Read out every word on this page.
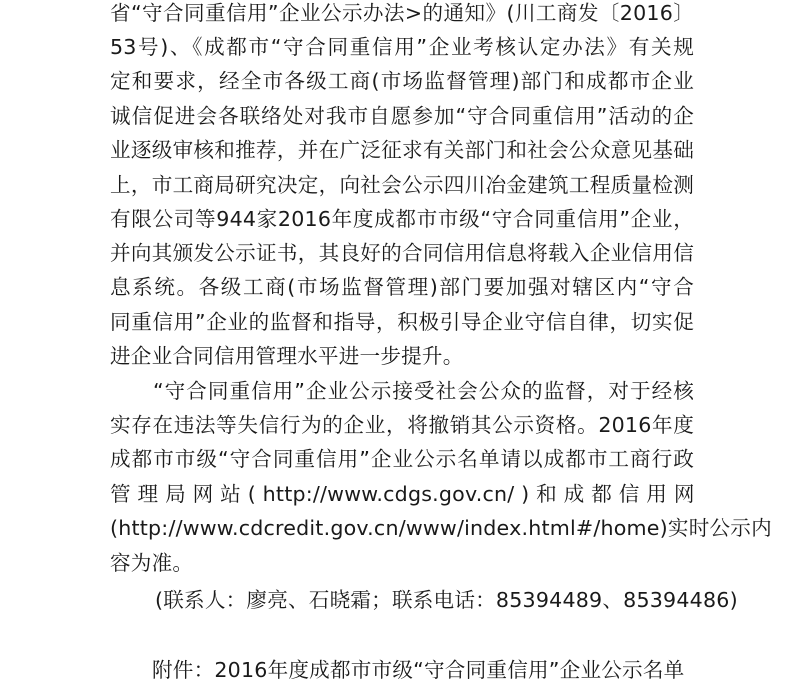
省“守合同重信用”企业公示办法>的通知》(川工商发〔2016〕
53号)、《成都市“守合同重信用”企业考核认定办法》有关规
定和要求，经全市各级工商(市场监督管理)部门和成都市企业
诚信促进会各联络处对我市自愿参加“守合同重信用”活动的企
业逐级审核和推荐，并在广泛征求有关部门和社会公众意见基础
上，市工商局研究决定，向社会公示四川冶金建筑工程质量检测
有限公司等944家2016年度成都市市级“守合同重信用”企业，
并向其颁发公示证书，其良好的合同信用信息将载入企业信用信
息系统。各级工商(市场监督管理)部门要加强对辖区内“守合
同重信用”企业的监督和指导，积极引导企业守信自律，切实促
进企业合同信用管理水平进一步提升。
“守合同重信用”企业公示接受社会公众的监督，对于经核
实存在违法等失信行为的企业，将撤销其公示资格。2016年度
成都市市级“守合同重信用”企业公示名单请以成都市工商行政
管 理 局 网 站 ( http://www.cdgs.gov.cn/ ) 和 成 都 信 用 网
(http://www.cdcredit.gov.cn/www/index.html#/home)实时公示内
容为准。
(联系人：廖亮、石晓霜；联系电话：85394489、85394486)
附件：2016年度成都市市级“守合同重信用”企业公示名单
